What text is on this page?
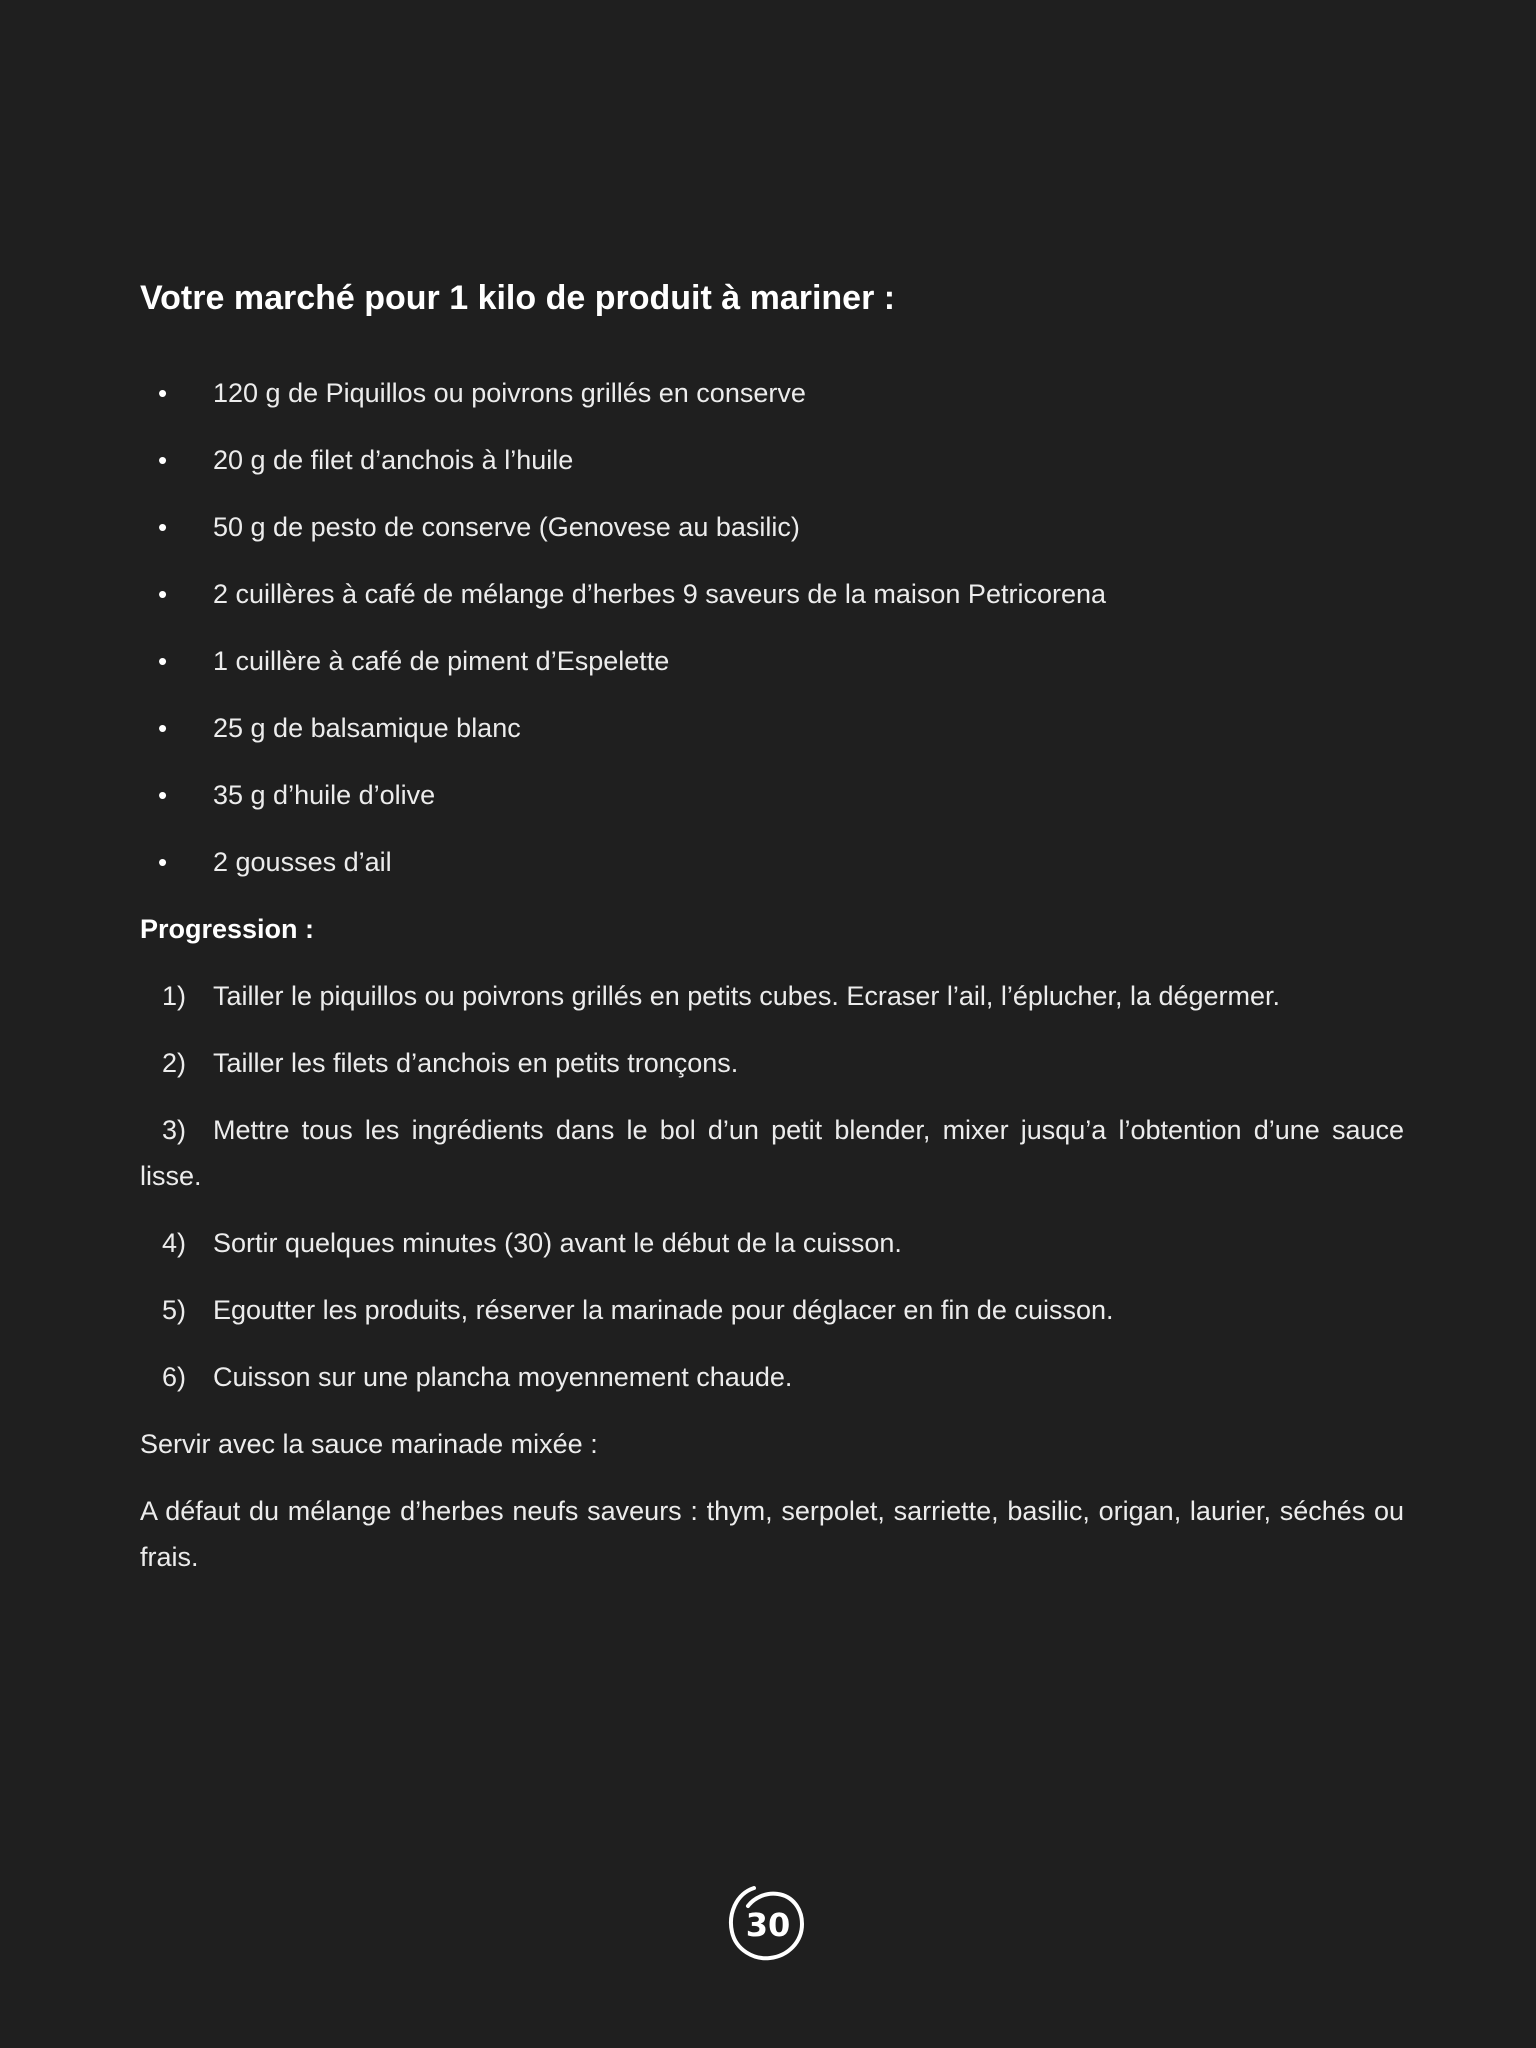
Votre marché pour 1 kilo de produit à mariner :
• 120 g de Piquillos ou poivrons grillés en conserve
• 20 g de filet d’anchois à l’huile
• 50 g de pesto de conserve (Genovese au basilic)
• 2 cuillères à café de mélange d’herbes 9 saveurs de la maison Petricorena
• 1 cuillère à café de piment d’Espelette
• 25 g de balsamique blanc
• 35 g d’huile d’olive
• 2 gousses d’ail
Progression :
1) Tailler le piquillos ou poivrons grillés en petits cubes. Ecraser l’ail, l’éplucher, la dégermer.
2) Tailler les filets d’anchois en petits tronçons.
3) Mettre tous les ingrédients dans le bol d’un petit blender, mixer jusqu’a l’obtention d’une sauce lisse.
4) Sortir quelques minutes (30) avant le début de la cuisson.
5) Egoutter les produits, réserver la marinade pour déglacer en fin de cuisson.
6) Cuisson sur une plancha moyennement chaude.

Servir avec la sauce marinade mixée :

A défaut du mélange d’herbes neufs saveurs : thym, serpolet, sarriette, basilic, origan, laurier, séchés ou frais.

30
